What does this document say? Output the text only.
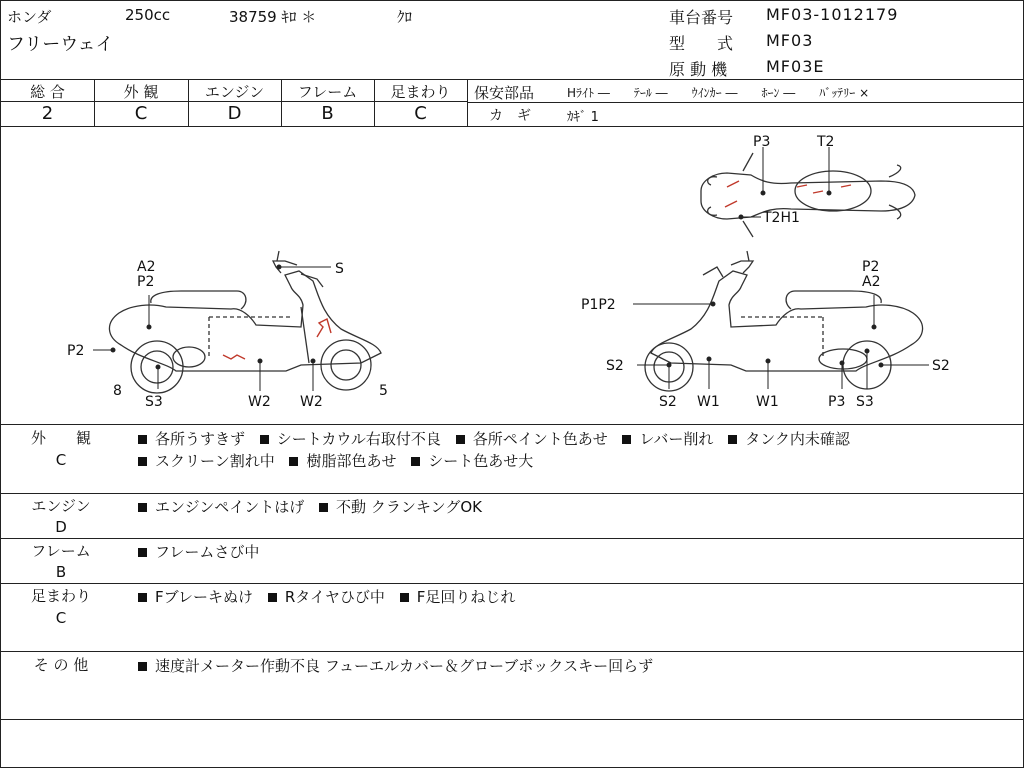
ホンダ	250cc	38759 ｷﾛ ＊	ｸﾛ
フリーウェイ
車台番号 MF03-1012179
型　　式 MF03
原 動 機 MF03E
総 合
2
外 観
C
エンジン
D
フレーム
B
足まわり
C
保安部品	Hﾗｲﾄ ―　　ﾃｰﾙ ―　　ｳｲﾝｶｰ ―　　ﾎｰﾝ ―　　ﾊﾞｯﾃﾘｰ ×
カ　ギ	ｶｷﾞ 1
A2
P2
S
P2
8	5
S3	W2 W2
P2
A2
P1P2
S2	S2
S2 W1	W1	P3 S3
P3	T2
T2H1
外　　観
C
各所うすきず シートカウル右取付不良 各所ペイント色あせ レバー削れ タンク内未確認
スクリーン割れ中 樹脂部色あせ シート色あせ大
エンジン
D
エンジンペイントはげ 不動 クランキングOK
フレーム
B
フレームさび中
足まわり
C
Fブレーキぬけ Rタイヤひび中 F足回りねじれ
そ の 他	速度計メーター作動不良 フューエルカバー＆グローブボックスキー回らず
